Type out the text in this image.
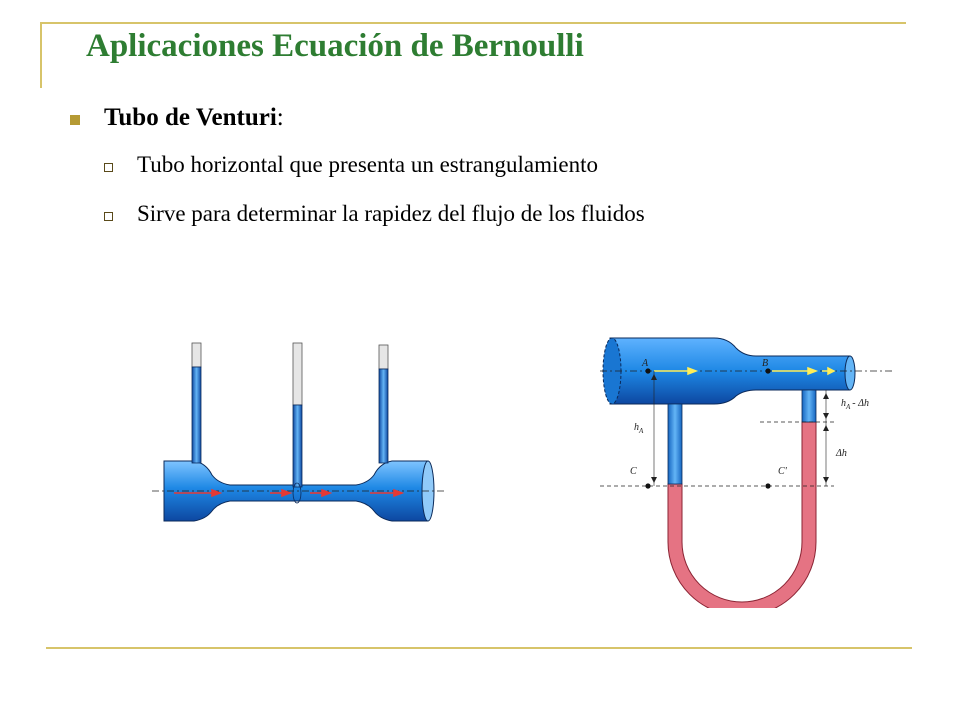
Aplicaciones Ecuación de Bernoulli
Tubo de Venturi:
Tubo horizontal que presenta un estrangulamiento
Sirve para determinar la rapidez del flujo de los fluidos
A	B
C	C'
$h_A$
$h_A$ - Δh
Δh
